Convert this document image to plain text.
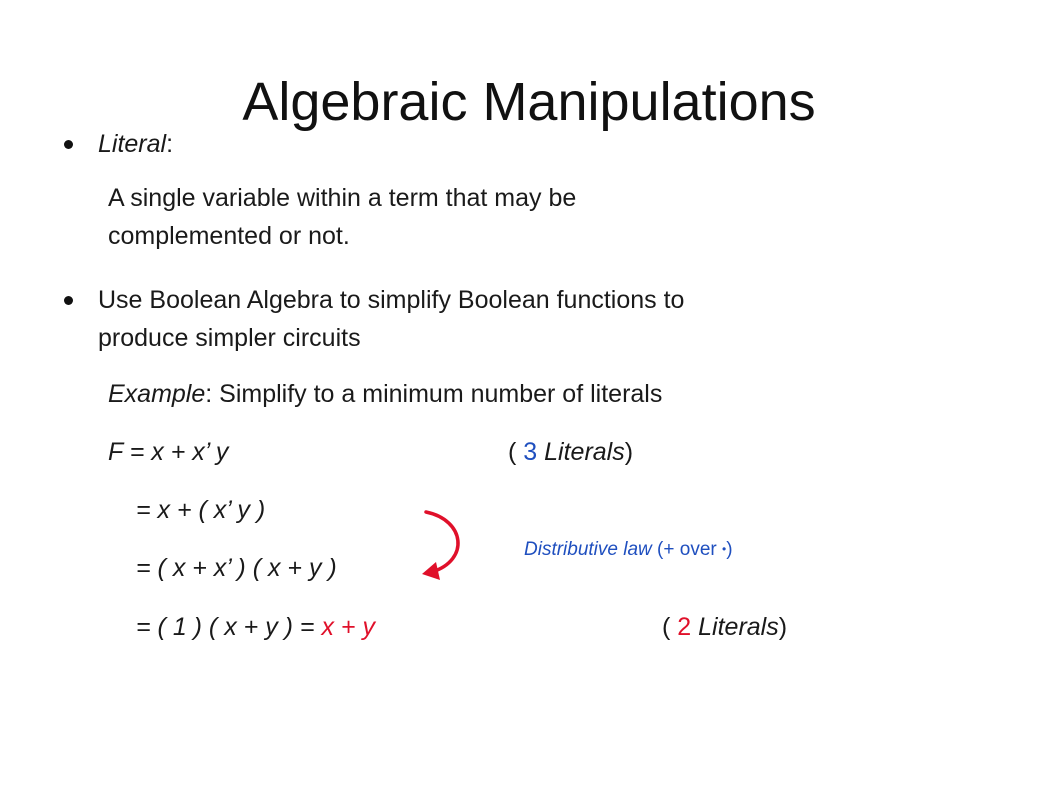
Algebraic Manipulations
Literal:
A single variable within a term that may be
complemented or not.
Use Boolean Algebra to simplify Boolean functions to
produce simpler circuits
Example: Simplify to a minimum number of literals
F = x + x’ y	( 3 Literals)
= x + ( x’ y )
= ( x + x’ ) ( x + y )
Distributive law (+ over •)
= ( 1 ) ( x + y ) = x + y	( 2 Literals)
